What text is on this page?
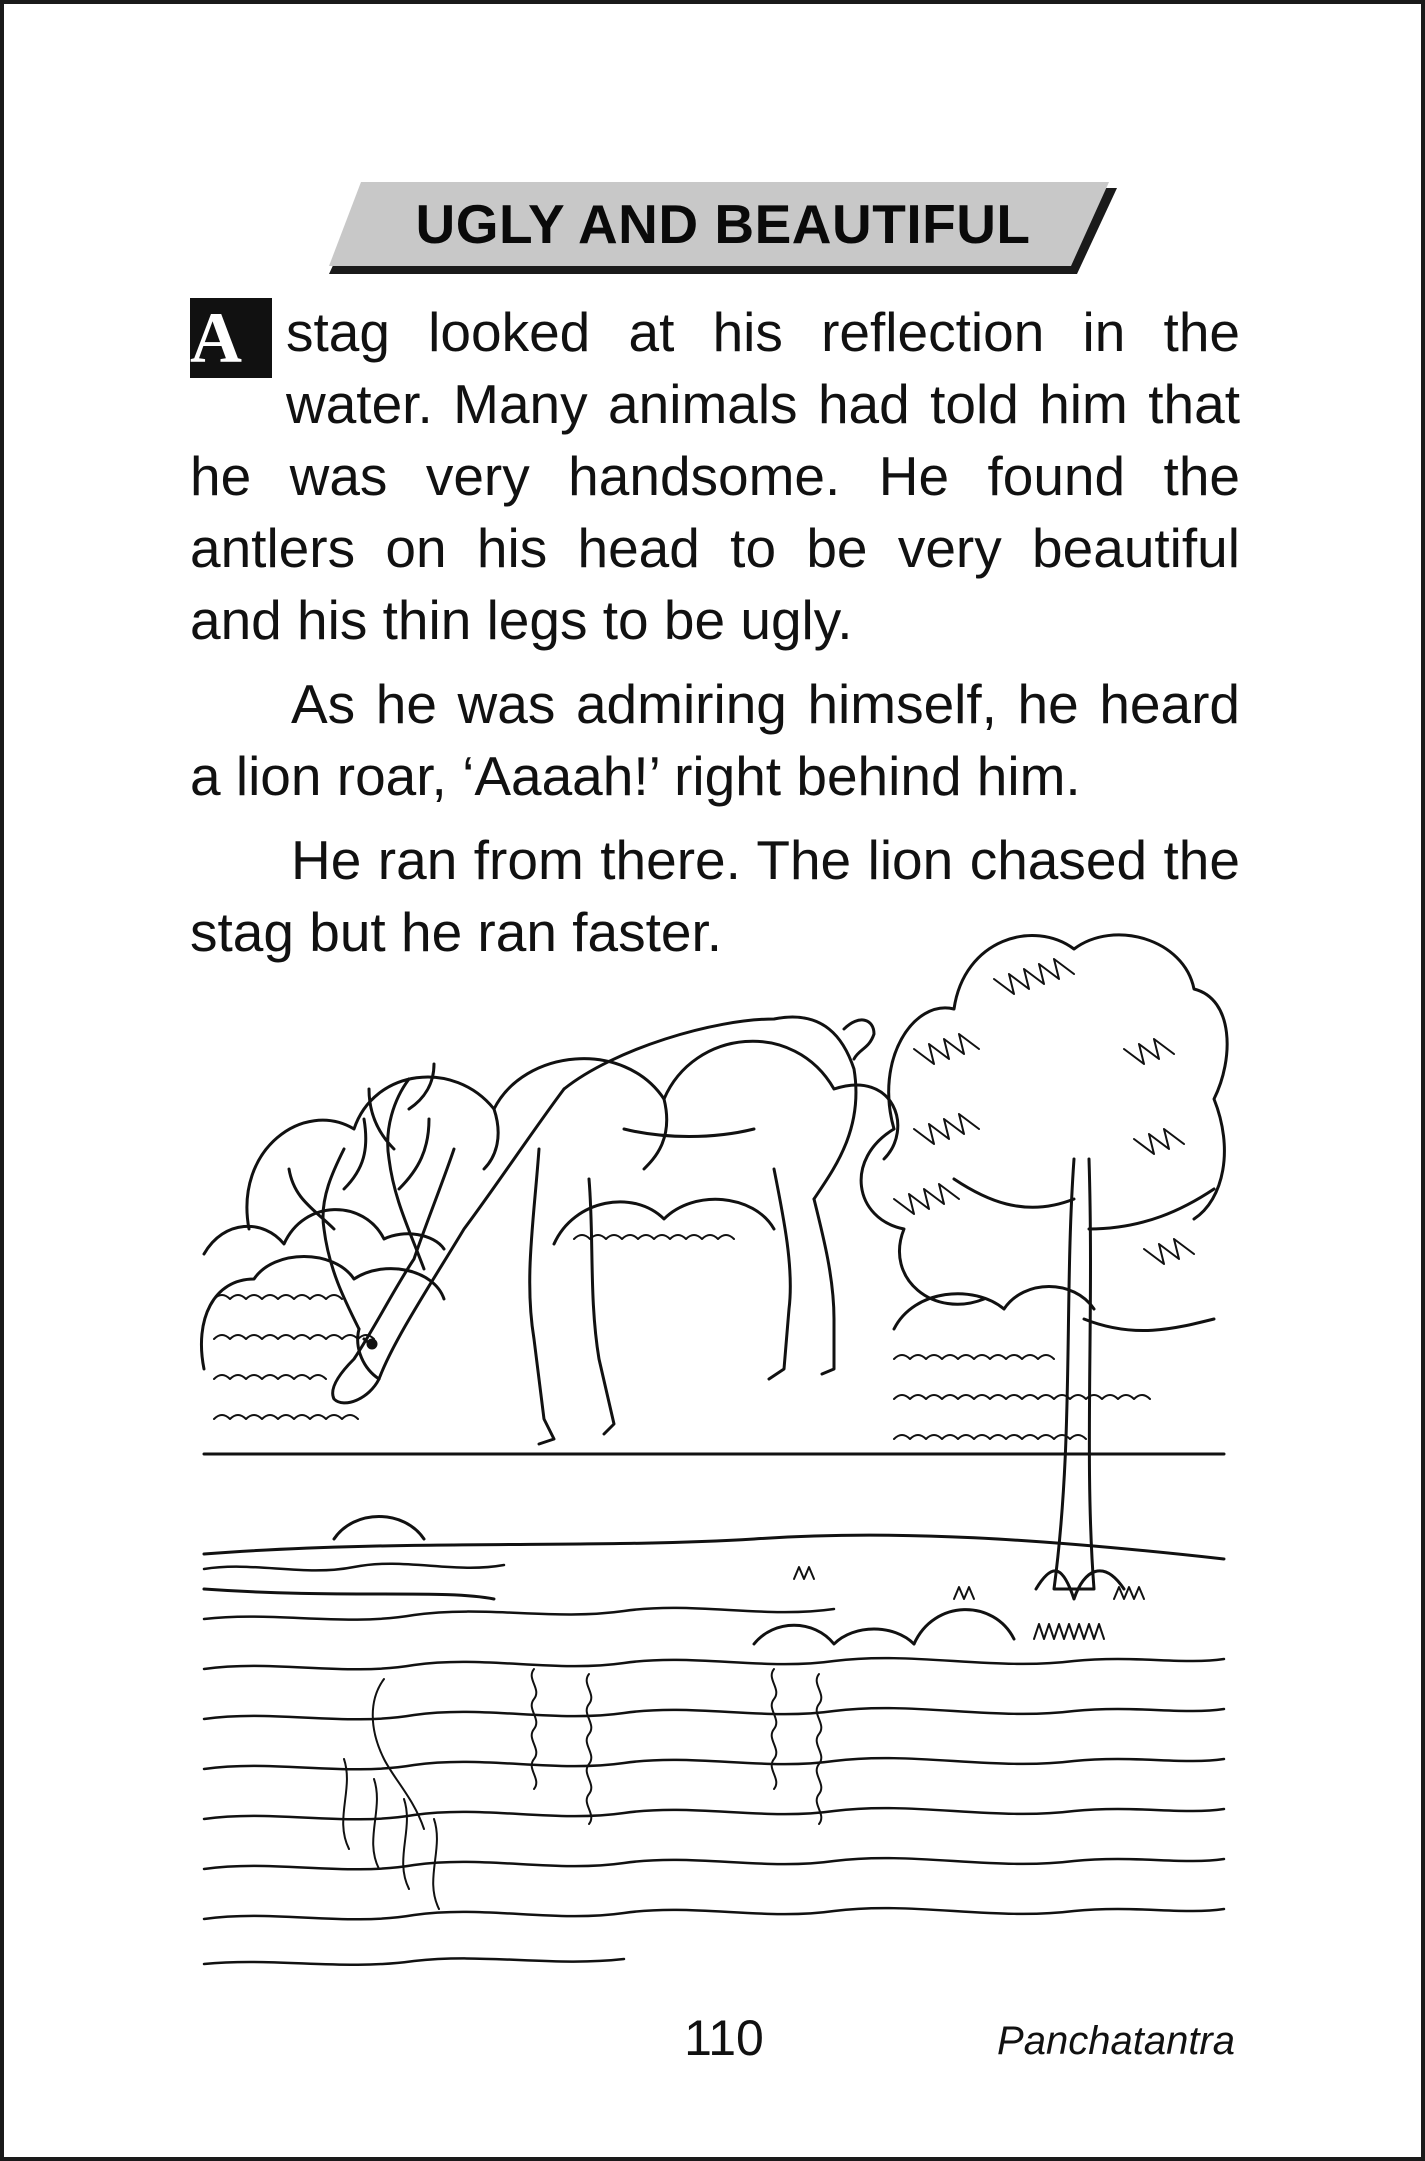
UGLY AND BEAUTIFUL

A stag looked at his reflection in the water. Many animals had told him that he was very handsome. He found the antlers on his head to be very beautiful and his thin legs to be ugly.

As he was admiring himself, he heard a lion roar, ‘Aaaah!’ right behind him.

He ran from there. The lion chased the stag but he ran faster.

110	Panchatantra
